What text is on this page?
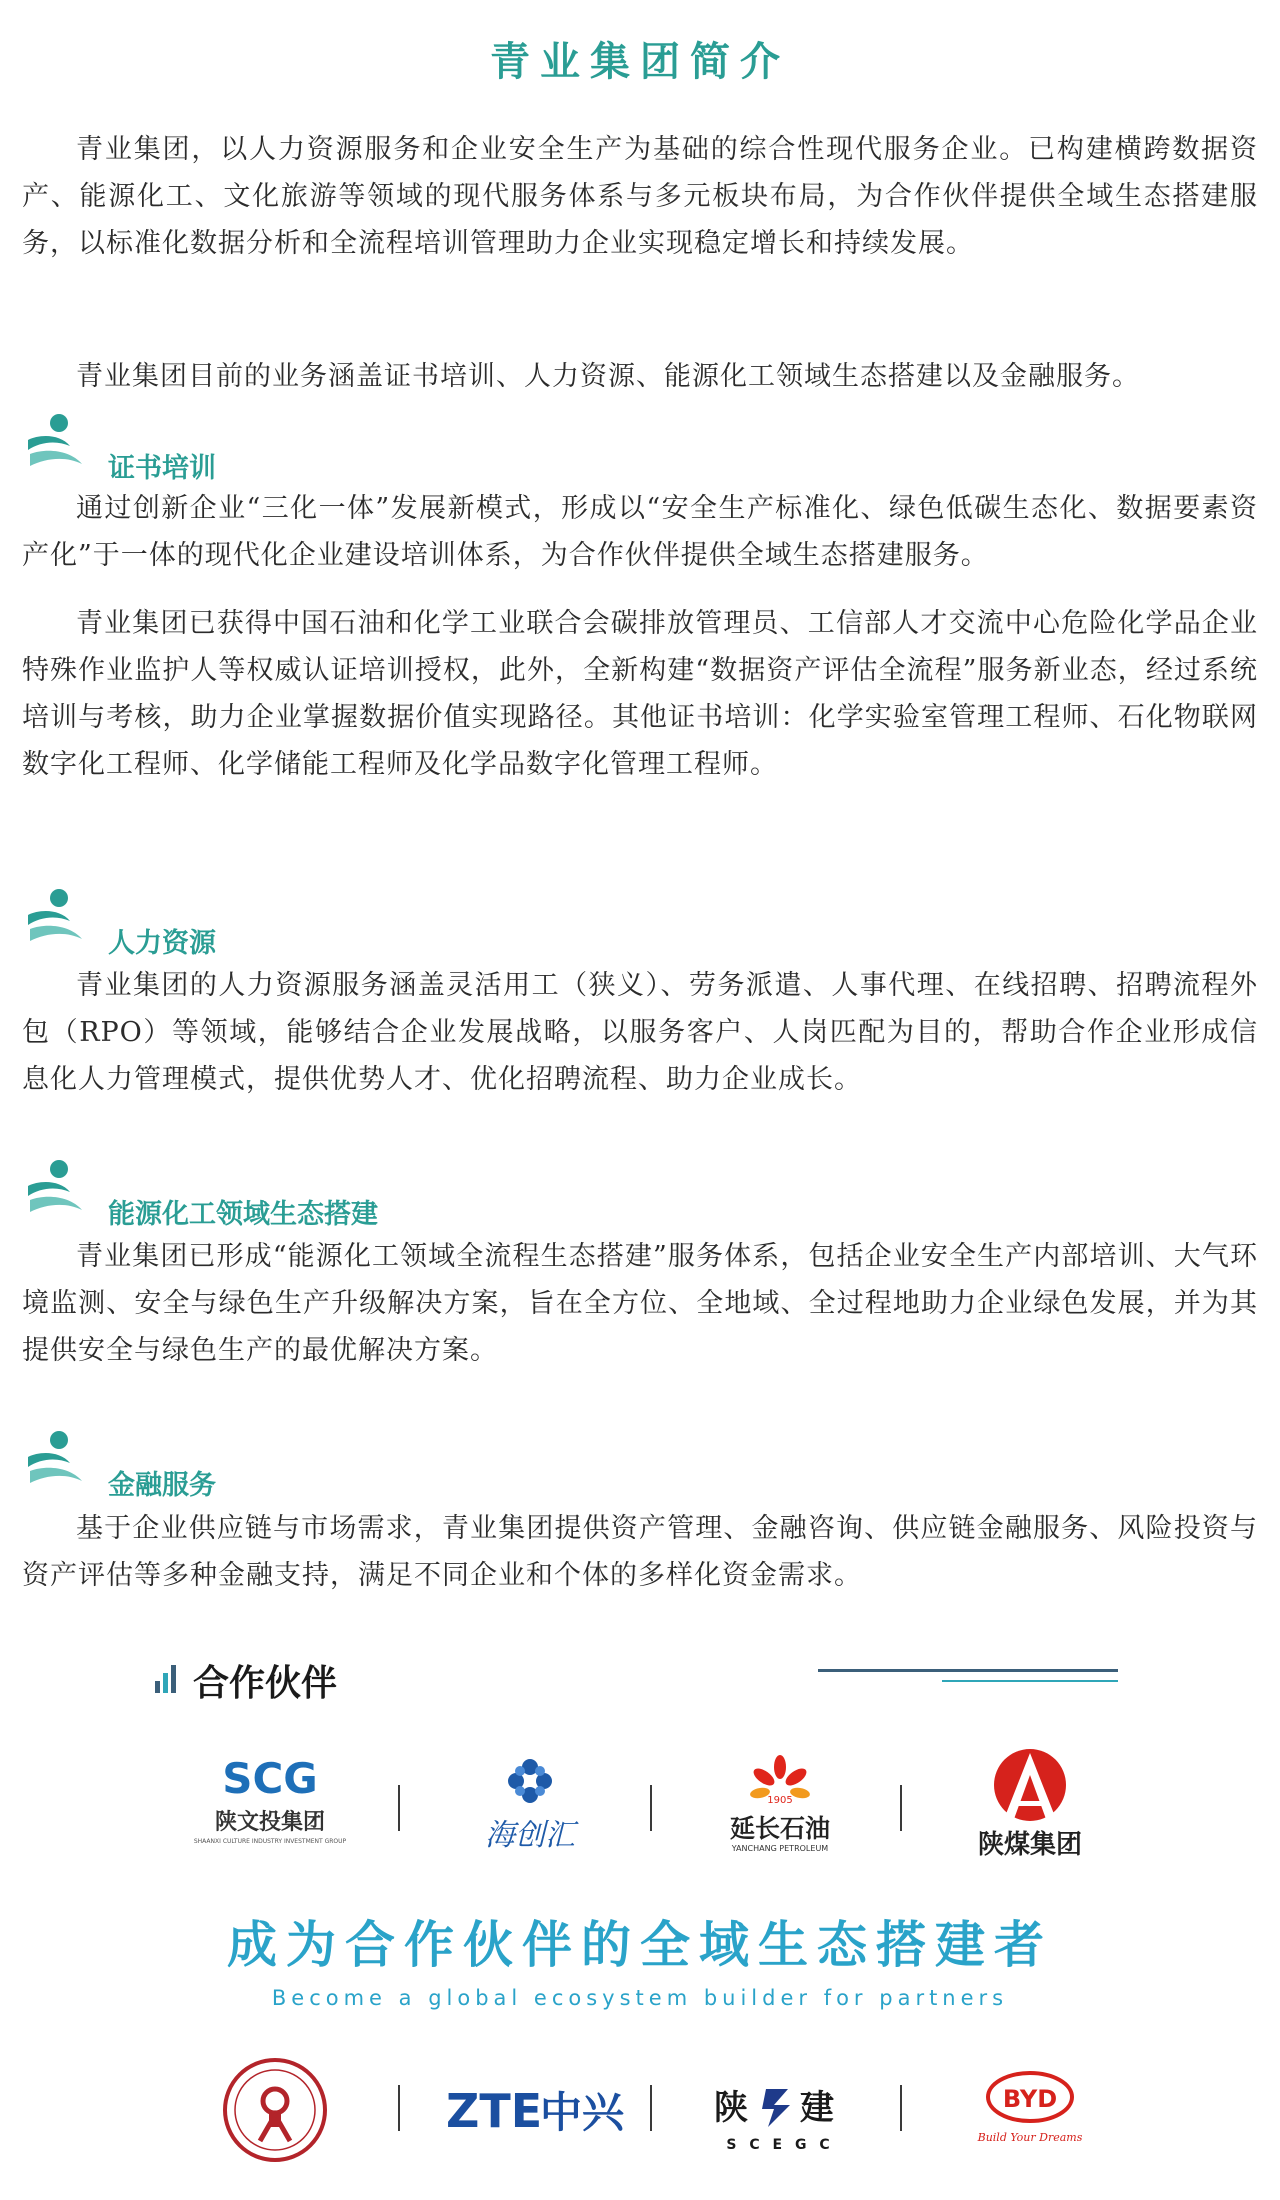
青业集团简介

青业集团，以人力资源服务和企业安全生产为基础的综合性现代服务企业。已构建横跨数据资产、能源化工、文化旅游等领域的现代服务体系与多元板块布局，为合作伙伴提供全域生态搭建服务，以标准化数据分析和全流程培训管理助力企业实现稳定增长和持续发展。

青业集团目前的业务涵盖证书培训、人力资源、能源化工领域生态搭建以及金融服务。

证书培训

通过创新企业“三化一体”发展新模式，形成以“安全生产标准化、绿色低碳生态化、数据要素资产化”于一体的现代化企业建设培训体系，为合作伙伴提供全域生态搭建服务。

青业集团已获得中国石油和化学工业联合会碳排放管理员、工信部人才交流中心危险化学品企业特殊作业监护人等权威认证培训授权，此外，全新构建“数据资产评估全流程”服务新业态，经过系统培训与考核，助力企业掌握数据价值实现路径。其他证书培训：化学实验室管理工程师、石化物联网数字化工程师、化学储能工程师及化学品数字化管理工程师。

人力资源

青业集团的人力资源服务涵盖灵活用工（狭义）、劳务派遣、人事代理、在线招聘、招聘流程外包（RPO）等领域，能够结合企业发展战略，以服务客户、人岗匹配为目的，帮助合作企业形成信息化人力管理模式，提供优势人才、优化招聘流程、助力企业成长。

能源化工领域生态搭建

青业集团已形成“能源化工领域全流程生态搭建”服务体系，包括企业安全生产内部培训、大气环境监测、安全与绿色生产升级解决方案，旨在全方位、全地域、全过程地助力企业绿色发展，并为其提供安全与绿色生产的最优解决方案。

金融服务

基于企业供应链与市场需求，青业集团提供资产管理、金融咨询、供应链金融服务、风险投资与资产评估等多种金融支持，满足不同企业和个体的多样化资金需求。

合作伙伴
SCG
陕文投集团
SHAANXI CULTURE INDUSTRY INVESTMENT GROUP	海创汇
1905
延长石油
YANCHANG PETROLEUM	陕煤集团
成为合作伙伴的全域生态搭建者
Become a global ecosystem builder for partners
ZTE
中兴	陕 建
S C E G C
BYD
Build Your Dreams
